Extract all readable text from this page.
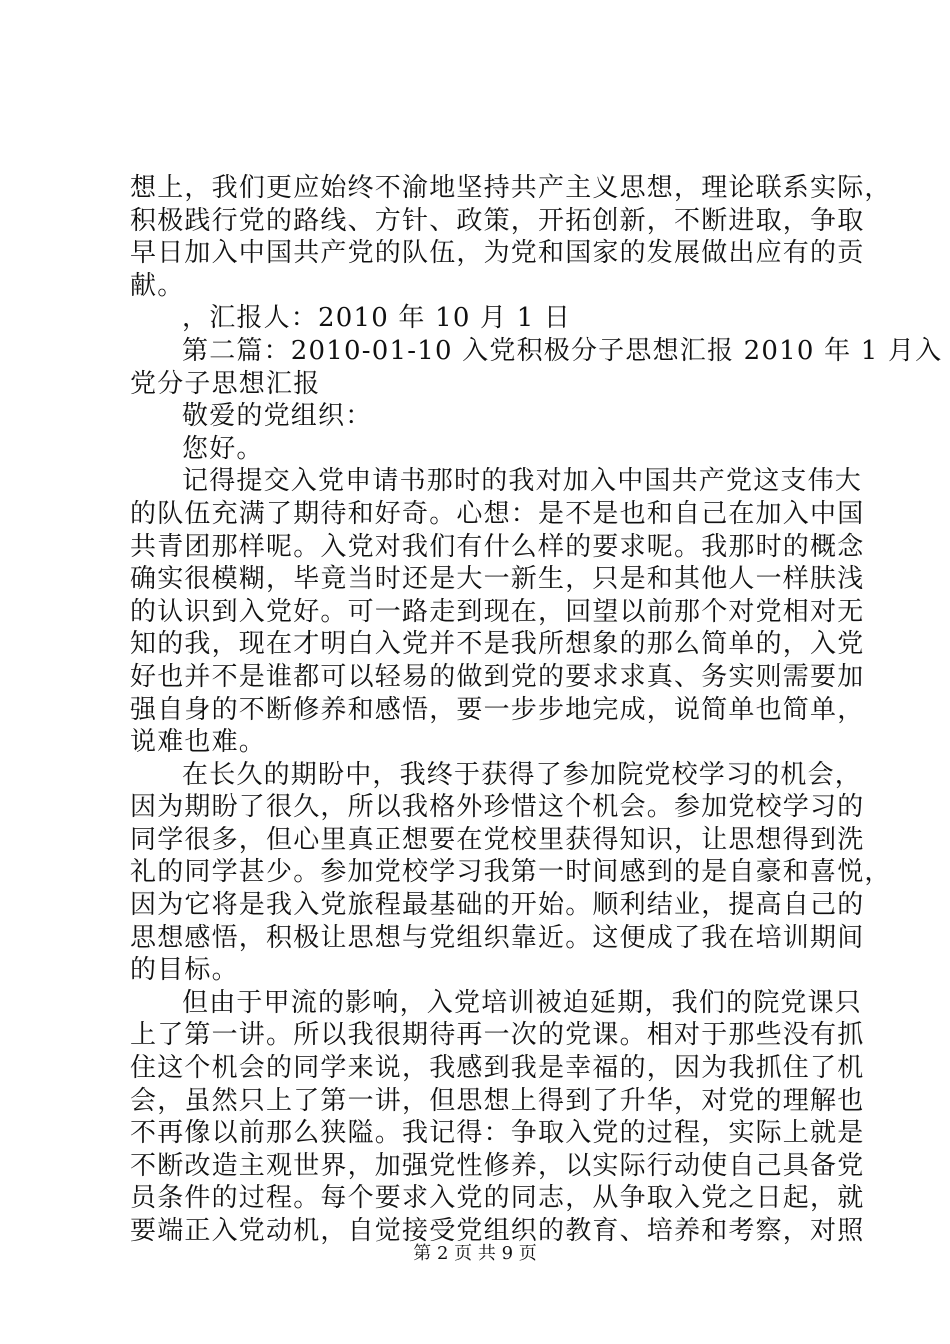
想上，我们更应始终不渝地坚持共产主义思想，理论联系实际，
积极践行党的路线、方针、政策，开拓创新，不断进取，争取
早日加入中国共产党的队伍，为党和国家的发展做出应有的贡
献。
，汇报人：2010 年 10 月 1 日
第二篇：2010-01-10 入党积极分子思想汇报 2010 年 1 月入
党分子思想汇报
敬爱的党组织：
您好。
记得提交入党申请书那时的我对加入中国共产党这支伟大
的队伍充满了期待和好奇。心想：是不是也和自己在加入中国
共青团那样呢。入党对我们有什么样的要求呢。我那时的概念
确实很模糊，毕竟当时还是大一新生，只是和其他人一样肤浅
的认识到入党好。可一路走到现在，回望以前那个对党相对无
知的我，现在才明白入党并不是我所想象的那么简单的，入党
好也并不是谁都可以轻易的做到党的要求求真、务实则需要加
强自身的不断修养和感悟，要一步步地完成，说简单也简单，
说难也难。
在长久的期盼中，我终于获得了参加院党校学习的机会，
因为期盼了很久，所以我格外珍惜这个机会。参加党校学习的
同学很多，但心里真正想要在党校里获得知识，让思想得到洗
礼的同学甚少。参加党校学习我第一时间感到的是自豪和喜悦，
因为它将是我入党旅程最基础的开始。顺利结业，提高自己的
思想感悟，积极让思想与党组织靠近。这便成了我在培训期间
的目标。
但由于甲流的影响，入党培训被迫延期，我们的院党课只
上了第一讲。所以我很期待再一次的党课。相对于那些没有抓
住这个机会的同学来说，我感到我是幸福的，因为我抓住了机
会，虽然只上了第一讲，但思想上得到了升华，对党的理解也
不再像以前那么狭隘。我记得：争取入党的过程，实际上就是
不断改造主观世界，加强党性修养，以实际行动使自己具备党
员条件的过程。每个要求入党的同志，从争取入党之日起，就
要端正入党动机，自觉接受党组织的教育、培养和考察，对照
第 2 页 共 9 页
